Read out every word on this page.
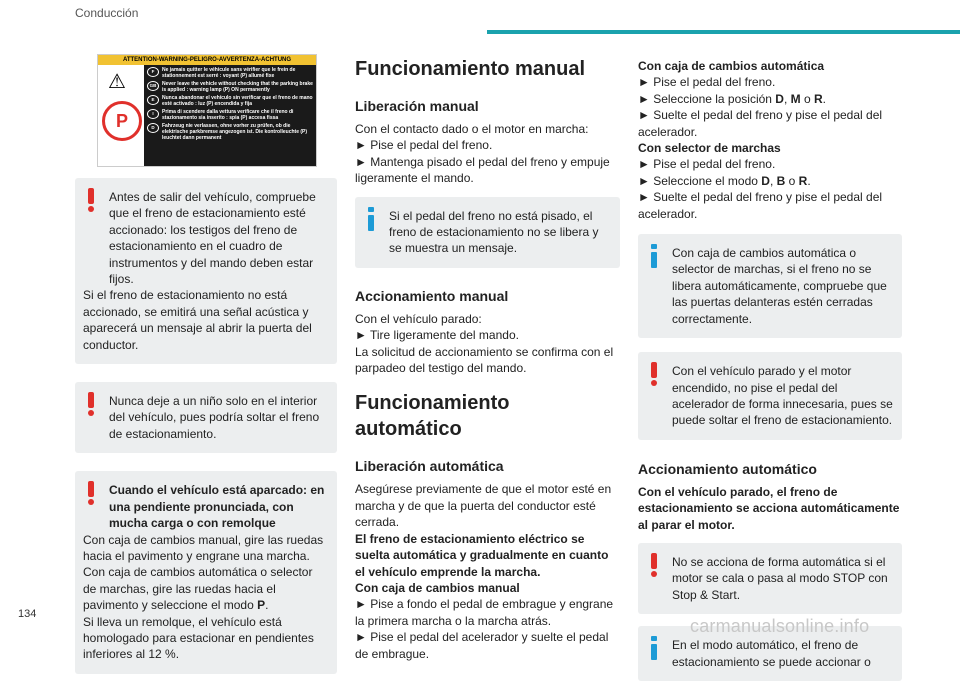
Conducción
ATTENTION-WARNING-PELIGRO-AVVERTENZA-ACHTUNG
⚠
P
F	Ne jamais quitter le véhicule sans vérifier que le frein de stationnement est serré : voyant (P) allumé fixe
GB	Never leave the vehicle without checking that the parking brake is applied : warning lamp (P) ON permanently
E	Nunca abandonar el vehículo sin verificar que el freno de mano esté activado : luz (P) encendida y fija
I	Prima di scendere dalla vettura verificare che il freno di stazionamento sia inserito : spia (P) accesa fissa
D	Fahrzeug nie verlassen, ohne vorher zu prüfen, ob die elektrische parkbremse angezogen ist. Die kontrolleuchte (P) leuchtet dann permanent

Antes de salir del vehículo, compruebe que el freno de estacionamiento esté accionado: los testigos del freno de estacionamiento en el cuadro de instrumentos y del mando deben estar fijos.

Si el freno de estacionamiento no está accionado, se emitirá una señal acústica y aparecerá un mensaje al abrir la puerta del conductor.

Nunca deje a un niño solo en el interior del vehículo, pues podría soltar el freno de estacionamiento.

Cuando el vehículo está aparcado: en una pendiente pronunciada, con mucha carga o con remolque

Con caja de cambios manual, gire las ruedas hacia el pavimento y engrane una marcha.

Con caja de cambios automática o selector de marchas, gire las ruedas hacia el pavimento y seleccione el modo P.

Si lleva un remolque, el vehículo está homologado para estacionar en pendientes inferiores al 12 %.

Funcionamiento manual
Liberación manual

Con el contacto dado o el motor en marcha:

► Pise el pedal del freno.

► Mantenga pisado el pedal del freno y empuje ligeramente el mando.

Si el pedal del freno no está pisado, el freno de estacionamiento no se libera y se muestra un mensaje.

Accionamiento manual

Con el vehículo parado:

► Tire ligeramente del mando.

La solicitud de accionamiento se confirma con el parpadeo del testigo del mando.

Funcionamiento automático
Liberación automática

Asegúrese previamente de que el motor esté en marcha y de que la puerta del conductor esté cerrada.

El freno de estacionamiento eléctrico se suelta automática y gradualmente en cuanto el vehículo emprende la marcha.

Con caja de cambios manual

► Pise a fondo el pedal de embrague y engrane la primera marcha o la marcha atrás.

► Pise el pedal del acelerador y suelte el pedal de embrague.

Con caja de cambios automática

► Pise el pedal del freno.

► Seleccione la posición D, M o R.

► Suelte el pedal del freno y pise el pedal del acelerador.

Con selector de marchas

► Pise el pedal del freno.

► Seleccione el modo D, B o R.

► Suelte el pedal del freno y pise el pedal del acelerador.

Con caja de cambios automática o selector de marchas, si el freno no se libera automáticamente, compruebe que las puertas delanteras estén cerradas correctamente.

Con el vehículo parado y el motor encendido, no pise el pedal del acelerador de forma innecesaria, pues se puede soltar el freno de estacionamiento.

Accionamiento automático

Con el vehículo parado, el freno de estacionamiento se acciona automáticamente al parar el motor.

No se acciona de forma automática si el motor se cala o pasa al modo STOP con Stop & Start.

En el modo automático, el freno de estacionamiento se puede accionar o

134
carmanualsonline.info
